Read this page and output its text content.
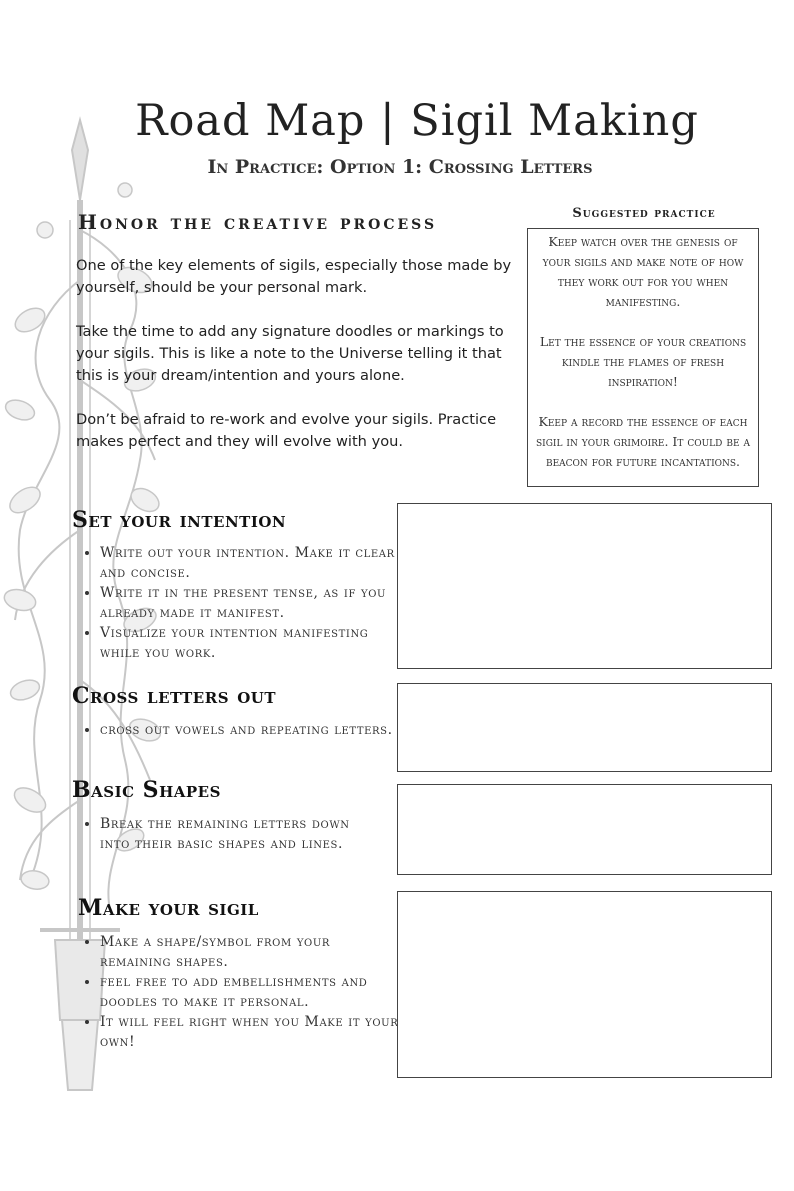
Road Map | Sigil Making
In Practice: Option 1: Crossing Letters
Honor the creative process

One of the key elements of sigils, especially those made by yourself, should be your personal mark.

Take the time to add any signature doodles or markings to your sigils. This is like a note to the Universe telling it that this is your dream/intention and yours alone.

Don’t be afraid to re-work and evolve your sigils. Practice makes perfect and they will evolve with you.

Suggested practice

Keep watch over the genesis of your sigils and make note of how they work out for you when manifesting.

Let the essence of your creations kindle the flames of fresh inspiration!

Keep a record the essence of each sigil in your grimoire. It could be a beacon for future incantations.

Set your intention
• Write out your intention. Make it clear and concise.
• Write it in the present tense, as if you already made it manifest.
• Visualize your intention manifesting while you work.
Cross letters out
• cross out vowels and repeating letters.
Basic Shapes
• Break the remaining letters down into their basic shapes and lines.
Make your sigil
• Make a shape/symbol from your remaining shapes.
• feel free to add embellishments and doodles to make it personal.
• It will feel right when you Make it your own!
